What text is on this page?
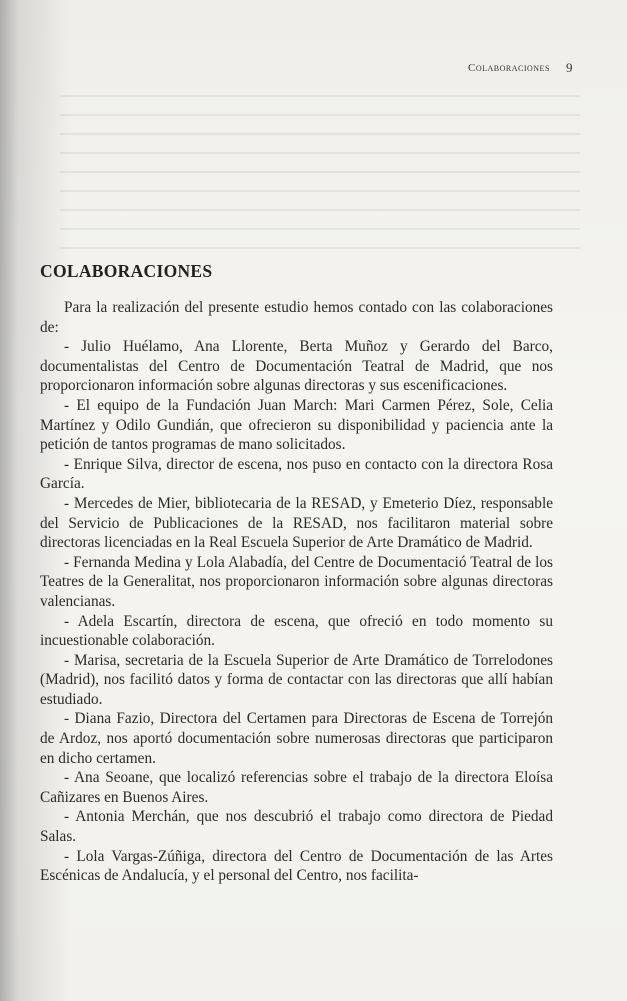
Colaboraciones 9
COLABORACIONES

Para la realización del presente estudio hemos contado con las colaboraciones de:

- Julio Huélamo, Ana Llorente, Berta Muñoz y Gerardo del Barco, documentalistas del Centro de Documentación Teatral de Madrid, que nos proporcionaron información sobre algunas directoras y sus escenificaciones.

- El equipo de la Fundación Juan March: Mari Carmen Pérez, Sole, Celia Martínez y Odilo Gundián, que ofrecieron su disponibilidad y paciencia ante la petición de tantos programas de mano solicitados.

- Enrique Silva, director de escena, nos puso en contacto con la directora Rosa García.

- Mercedes de Mier, bibliotecaria de la RESAD, y Emeterio Díez, responsable del Servicio de Publicaciones de la RESAD, nos facilitaron material sobre directoras licenciadas en la Real Escuela Superior de Arte Dramático de Madrid.

- Fernanda Medina y Lola Alabadía, del Centre de Documentació Teatral de los Teatres de la Generalitat, nos proporcionaron información sobre algunas directoras valencianas.

- Adela Escartín, directora de escena, que ofreció en todo momento su incuestionable colaboración.

- Marisa, secretaria de la Escuela Superior de Arte Dramático de Torrelodones (Madrid), nos facilitó datos y forma de contactar con las directoras que allí habían estudiado.

- Diana Fazio, Directora del Certamen para Directoras de Escena de Torrejón de Ardoz, nos aportó documentación sobre numerosas directoras que participaron en dicho certamen.

- Ana Seoane, que localizó referencias sobre el trabajo de la directora Eloísa Cañizares en Buenos Aires.

- Antonia Merchán, que nos descubrió el trabajo como directora de Piedad Salas.

- Lola Vargas-Zúñiga, directora del Centro de Documentación de las Artes Escénicas de Andalucía, y el personal del Centro, nos facilita-
